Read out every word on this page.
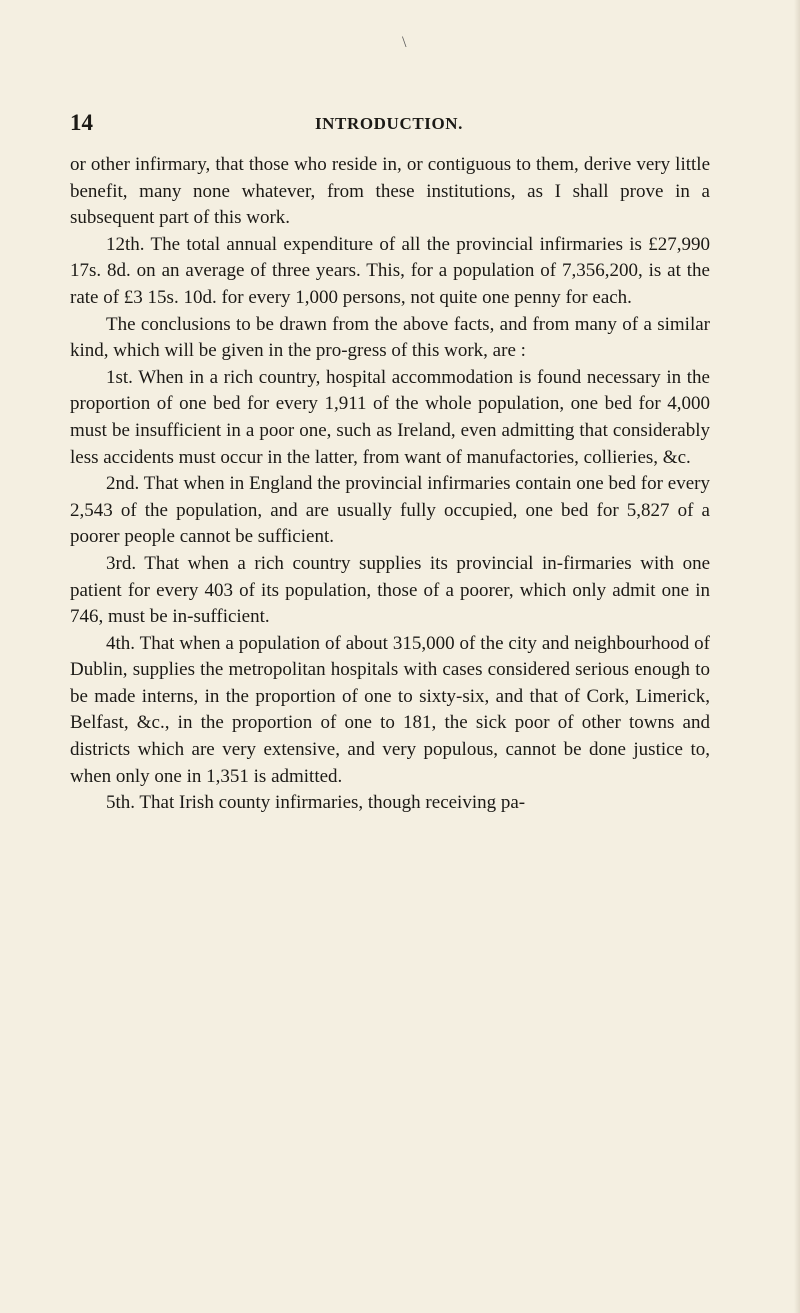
\
14	INTRODUCTION.

or other infirmary, that those who reside in, or contiguous to them, derive very little benefit, many none whatever, from these institutions, as I shall prove in a subsequent part of this work.

12th. The total annual expenditure of all the provincial infirmaries is £27,990 17s. 8d. on an average of three years. This, for a population of 7,356,200, is at the rate of £3 15s. 10d. for every 1,000 persons, not quite one penny for each.

The conclusions to be drawn from the above facts, and from many of a similar kind, which will be given in the pro-gress of this work, are :

1st. When in a rich country, hospital accommodation is found necessary in the proportion of one bed for every 1,911 of the whole population, one bed for 4,000 must be insufficient in a poor one, such as Ireland, even admitting that considerably less accidents must occur in the latter, from want of manufactories, collieries, &c.

2nd. That when in England the provincial infirmaries contain one bed for every 2,543 of the population, and are usually fully occupied, one bed for 5,827 of a poorer people cannot be sufficient.

3rd. That when a rich country supplies its provincial in-firmaries with one patient for every 403 of its population, those of a poorer, which only admit one in 746, must be in-sufficient.

4th. That when a population of about 315,000 of the city and neighbourhood of Dublin, supplies the metropolitan hospitals with cases considered serious enough to be made interns, in the proportion of one to sixty-six, and that of Cork, Limerick, Belfast, &c., in the proportion of one to 181, the sick poor of other towns and districts which are very extensive, and very populous, cannot be done justice to, when only one in 1,351 is admitted.

5th. That Irish county infirmaries, though receiving pa-
